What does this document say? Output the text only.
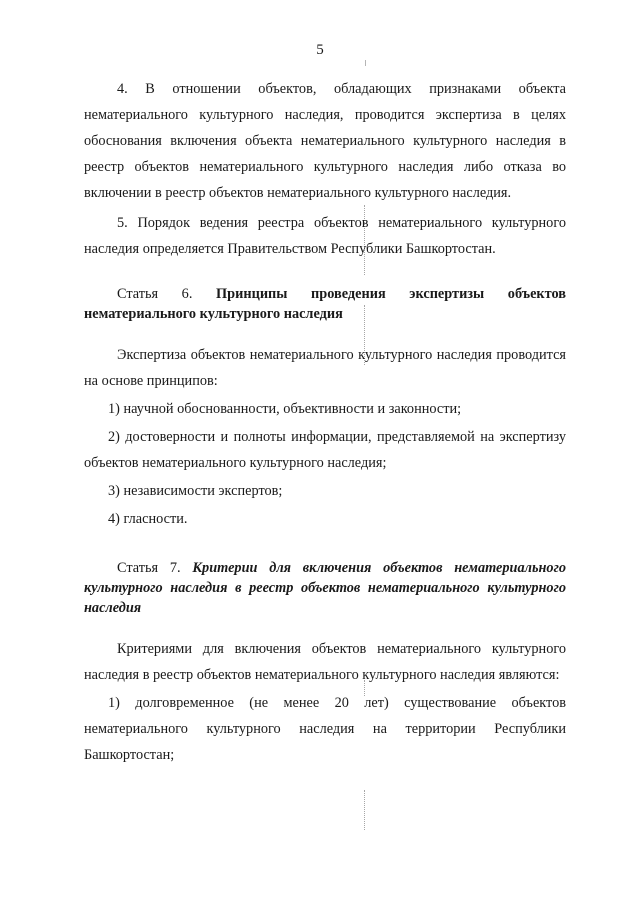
5

4. В отношении объектов, обладающих признаками объекта нематериального культурного наследия, проводится экспертиза в целях обоснования включения объекта нематериального культурного наследия в реестр объектов нематериального культурного наследия либо отказа во включении в реестр объектов нематериального культурного наследия.

5. Порядок ведения реестра объектов нематериального культурного наследия определяется Правительством Республики Башкортостан.

Статья 6. Принципы проведения экспертизы объектов нематериального культурного наследия

Экспертиза объектов нематериального культурного наследия проводится на основе принципов:

1) научной обоснованности, объективности и законности;

2) достоверности и полноты информации, представляемой на экспертизу объектов нематериального культурного наследия;

3) независимости экспертов;

4) гласности.

Статья 7. Критерии для включения объектов нематериального культурного наследия в реестр объектов нематериального культурного наследия

Критериями для включения объектов нематериального культурного наследия в реестр объектов нематериального культурного наследия являются:

1) долговременное (не менее 20 лет) существование объектов нематериального культурного наследия на территории Республики Башкортостан;
